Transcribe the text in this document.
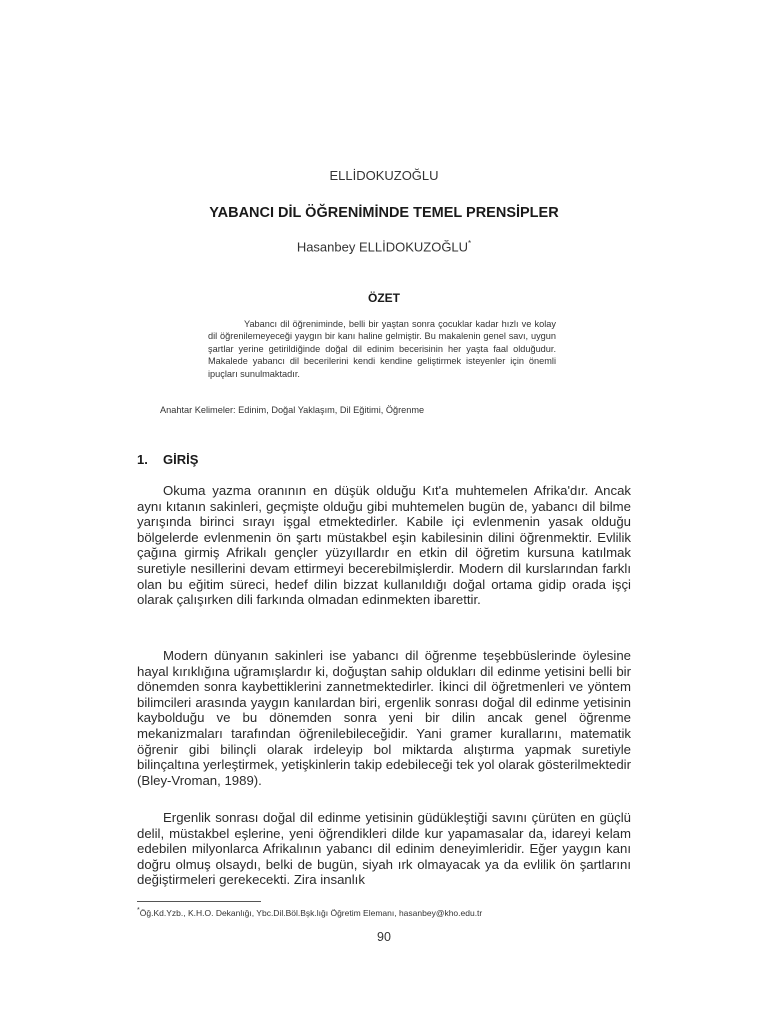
ELLİDOKUZOĞLU
YABANCI DİL ÖĞRENİMİNDE TEMEL PRENSİPLER
Hasanbey ELLİDOKUZOĞLU*
ÖZET

Yabancı dil öğreniminde, belli bir yaştan sonra çocuklar kadar hızlı ve kolay dil öğrenilemeyeceği yaygın bir kanı haline gelmiştir. Bu makalenin genel savı, uygun şartlar yerine getirildiğinde doğal dil edinim becerisinin her yaşta faal olduğudur. Makalede yabancı dil becerilerini kendi kendine geliştirmek isteyenler için önemli ipuçları sunulmaktadır.

Anahtar Kelimeler: Edinim, Doğal Yaklaşım, Dil Eğitimi, Öğrenme
1. GİRİŞ

Okuma yazma oranının en düşük olduğu Kıt'a muhtemelen Afrika'dır. Ancak aynı kıtanın sakinleri, geçmişte olduğu gibi muhtemelen bugün de, yabancı dil bilme yarışında birinci sırayı işgal etmektedirler. Kabile içi evlenmenin yasak olduğu bölgelerde evlenmenin ön şartı müstakbel eşin kabilesinin dilini öğrenmektir. Evlilik çağına girmiş Afrikalı gençler yüzyıllardır en etkin dil öğretim kursuna katılmak suretiyle nesillerini devam ettirmeyi becerebilmişlerdir. Modern dil kurslarından farklı olan bu eğitim süreci, hedef dilin bizzat kullanıldığı doğal ortama gidip orada işçi olarak çalışırken dili farkında olmadan edinmekten ibarettir.

Modern dünyanın sakinleri ise yabancı dil öğrenme teşebbüslerinde öylesine hayal kırıklığına uğramışlardır ki, doğuştan sahip oldukları dil edinme yetisini belli bir dönemden sonra kaybettiklerini zannetmektedirler. İkinci dil öğretmenleri ve yöntem bilimcileri arasında yaygın kanılardan biri, ergenlik sonrası doğal dil edinme yetisinin kaybolduğu ve bu dönemden sonra yeni bir dilin ancak genel öğrenme mekanizmaları tarafından öğrenilebileceğidir. Yani gramer kurallarını, matematik öğrenir gibi bilinçli olarak irdeleyip bol miktarda alıştırma yapmak suretiyle bilinçaltına yerleştirmek, yetişkinlerin takip edebileceği tek yol olarak gösterilmektedir (Bley-Vroman, 1989).

Ergenlik sonrası doğal dil edinme yetisinin güdükleştiği savını çürüten en güçlü delil, müstakbel eşlerine, yeni öğrendikleri dilde kur yapamasalar da, idareyi kelam edebilen milyonlarca Afrikalının yabancı dil edinim deneyimleridir. Eğer yaygın kanı doğru olmuş olsaydı, belki de bugün, siyah ırk olmayacak ya da evlilik ön şartlarını değiştirmeleri gerekecekti. Zira insanlık

*Öğ.Kd.Yzb., K.H.O. Dekanlığı, Ybc.Dil.Böl.Bşk.lığı Öğretim Elemanı, hasanbey@kho.edu.tr
90
